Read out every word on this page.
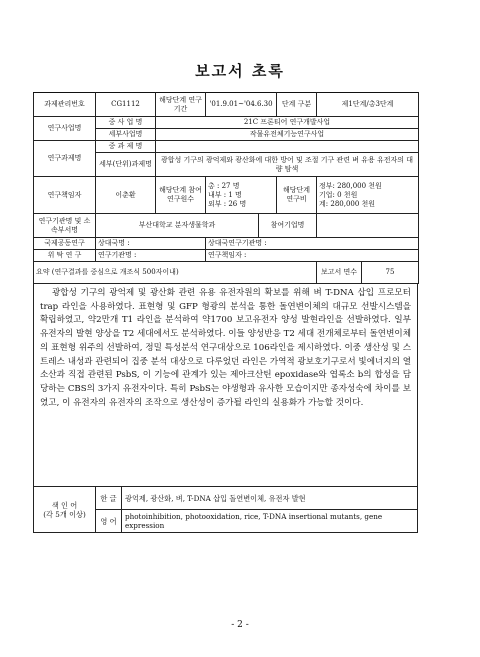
보고서 초록
과제관리번호	CG1112	해당단계 연구기간	'01.9.01~'04.6.30		단계 구분	제1단계/총3단계	
연구사업명	중 사 업 명	21C 프론티어 연구개발사업					
	세부사업명	작물유전체기능연구사업					
연구과제명	중 과 제 명						
	세부(단위)과제명	광합성 기구의 광억제와 광산화에 대한 방어 및 조절 기구 관련 벼 유용 유전자의 대량 탐색					
연구책임자	이춘환	해당단계 참여연구원수	총 : 27 명
내부 : 1 명
외부 : 26 명		해당단계 연구비	정부: 280,000 천원
기업: 0 천원
계: 280,000 천원	

연구기관명 및 소속부서명	부산대학교 분자생물학과			참여기업명			
국제공동연구	상대국명 :		상대국연구기관명 :				
위 탁 연 구	연구기관명 :		연구책임자 :				
요약 (연구결과를 중심으로 개조식 500자이내)						보고서 면수	75

광합성 기구의 광억제 및 광산화 관련 유용 유전자원의 확보를 위해 벼 T-DNA 삽입 프로모터 trap 라인을 사용하였다. 표현형 및 GFP 형광의 분석을 통한 돌연변이체의 대규모 선발시스템을 확립하였고, 약2만개 T1 라인을 분석하여 약1700 보고유전자 양성 발현라인을 선발하였다. 일부 유전자의 발현 양상을 T2 세대에서도 분석하였다. 이들 양성반응 T2 세대 전개체로부터 돌연변이체의 표현형 위주의 선발하여, 정밀 특성분석 연구대상으로 106라인을 제시하였다. 이중 생산성 및 스트레스 내성과 관련되어 집중 분석 대상으로 다루었던 라인은 가역적 광보호기구로서 빛에너지의 열소산과 직접 관련된 PsbS, 이 기능에 관계가 있는 제아크산틴 epoxidase와 엽록소 b의 합성을 담당하는 CBS의 3가지 유전자이다. 특히 PsbS는 야생형과 유사한 모습이지만 종자성숙에 차이를 보였고, 이 유전자의 유전자의 조작으로 생산성이 증가될 라인의 실용화가 가능할 것이다.

색 인 어
(각 5개 이상)	한 글	광억제, 광산화, 벼, T-DNA 삽입 돌연변이체, 유전자 발현
	영 어	photoinhibition, photooxidation, rice, T-DNA insertional mutants, gene expression
- 2 -
